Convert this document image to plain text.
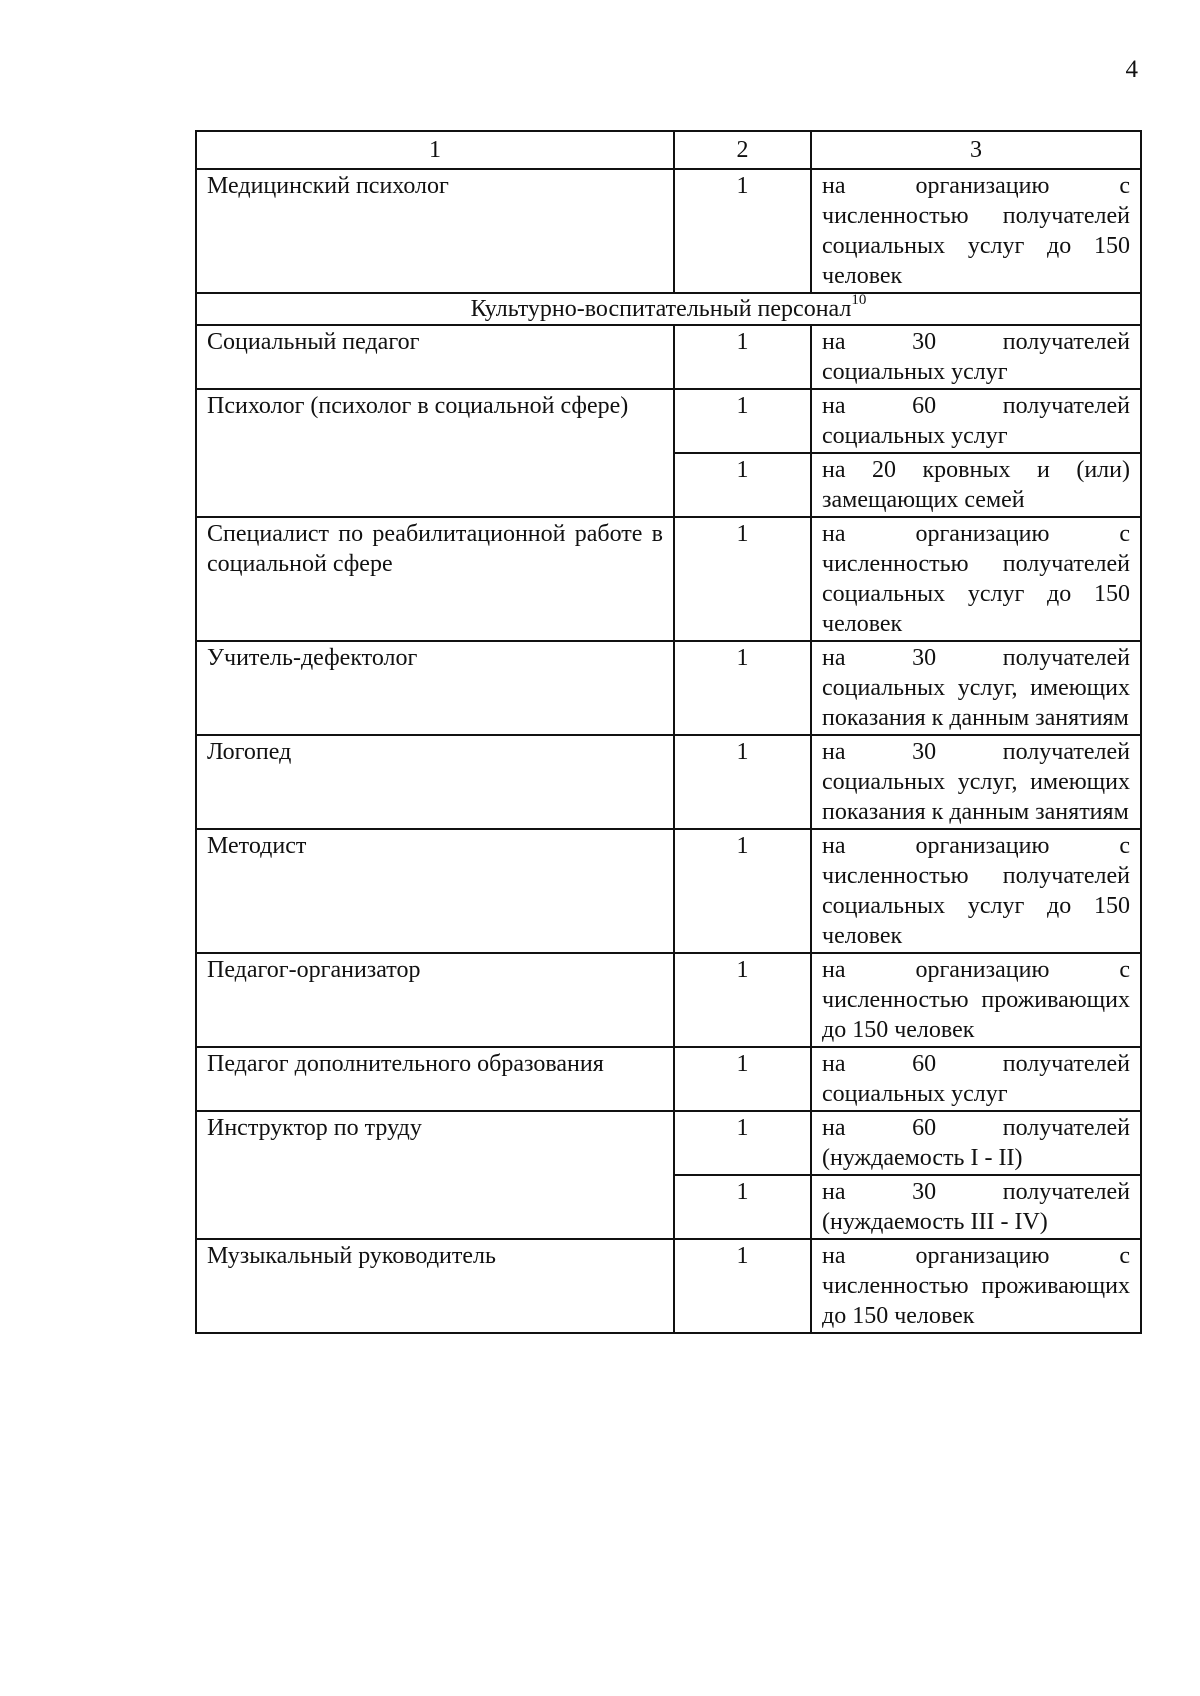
4
1	2	3
Медицинский психолог	1	на организацию с численностью получателей социальных услуг до 150 человек
Культурно-воспитательный персонал$^{10}$
Социальный педагог	1	на 30 получателей социальных услуг
Психолог (психолог в социальной сфере)	1	на 60 получателей социальных услуг
	1	на 20 кровных и (или) замещающих семей
Специалист по реабилитационной работе в социальной сфере	1	на организацию с численностью получателей социальных услуг до 150 человек
Учитель-дефектолог	1	на 30 получателей социальных услуг, имеющих показания к данным занятиям
Логопед	1	на 30 получателей социальных услуг, имеющих показания к данным занятиям
Методист	1	на организацию с численностью получателей социальных услуг до 150 человек
Педагог-организатор	1	на организацию с численностью проживающих до 150 человек
Педагог дополнительного образования	1	на 60 получателей социальных услуг
Инструктор по труду	1	на 60 получателей (нуждаемость I - II)
	1	на 30 получателей (нуждаемость III - IV)
Музыкальный руководитель	1	на организацию с численностью проживающих до 150 человек
